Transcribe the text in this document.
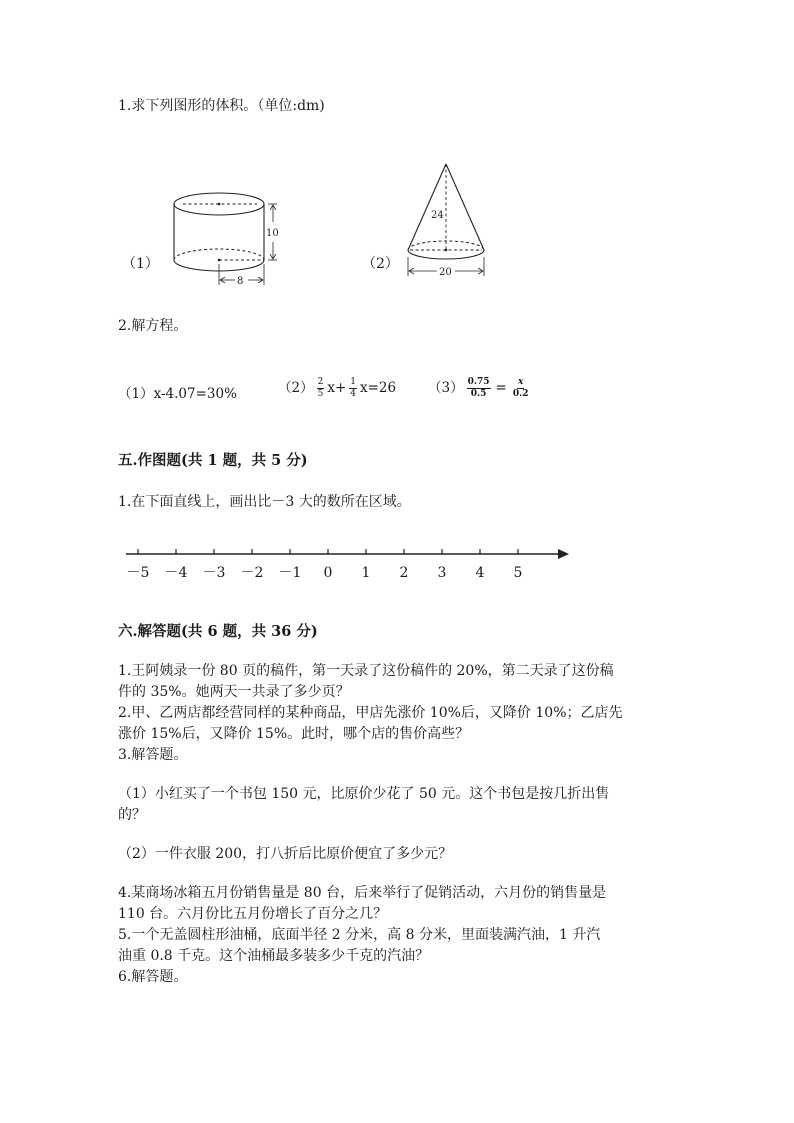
1.求下列图形的体积。（单位:dm)
（1）
10
8
（2）
24
20
2.解方程。
（1）x-4.07=30%	$(2) \frac{2}{5} x+ \frac{1}{4} x=26$ $(3) \frac{0.75}{0.5} = \frac{x}{0.2}$
五.作图题(共 1 题，共 5 分)
1.在下面直线上，画出比－3 大的数所在区域。
－5 －4 －3 －2 －1 0 1 2 3 4 5
六.解答题(共 6 题，共 36 分)
1.王阿姨录一份 80 页的稿件，第一天录了这份稿件的 20%，第二天录了这份稿
件的 35%。她两天一共录了多少页？
2.甲、乙两店都经营同样的某种商品，甲店先涨价 10%后，又降价 10%；乙店先
涨价 15%后，又降价 15%。此时，哪个店的售价高些？
3.解答题。
（1）小红买了一个书包 150 元，比原价少花了 50 元。这个书包是按几折出售
的？
（2）一件衣服 200，打八折后比原价便宜了多少元？
4.某商场冰箱五月份销售量是 80 台，后来举行了促销活动，六月份的销售量是
110 台。六月份比五月份增长了百分之几？
5.一个无盖圆柱形油桶，底面半径 2 分米，高 8 分米，里面装满汽油，1 升汽
油重 0.8 千克。这个油桶最多装多少千克的汽油？
6.解答题。
